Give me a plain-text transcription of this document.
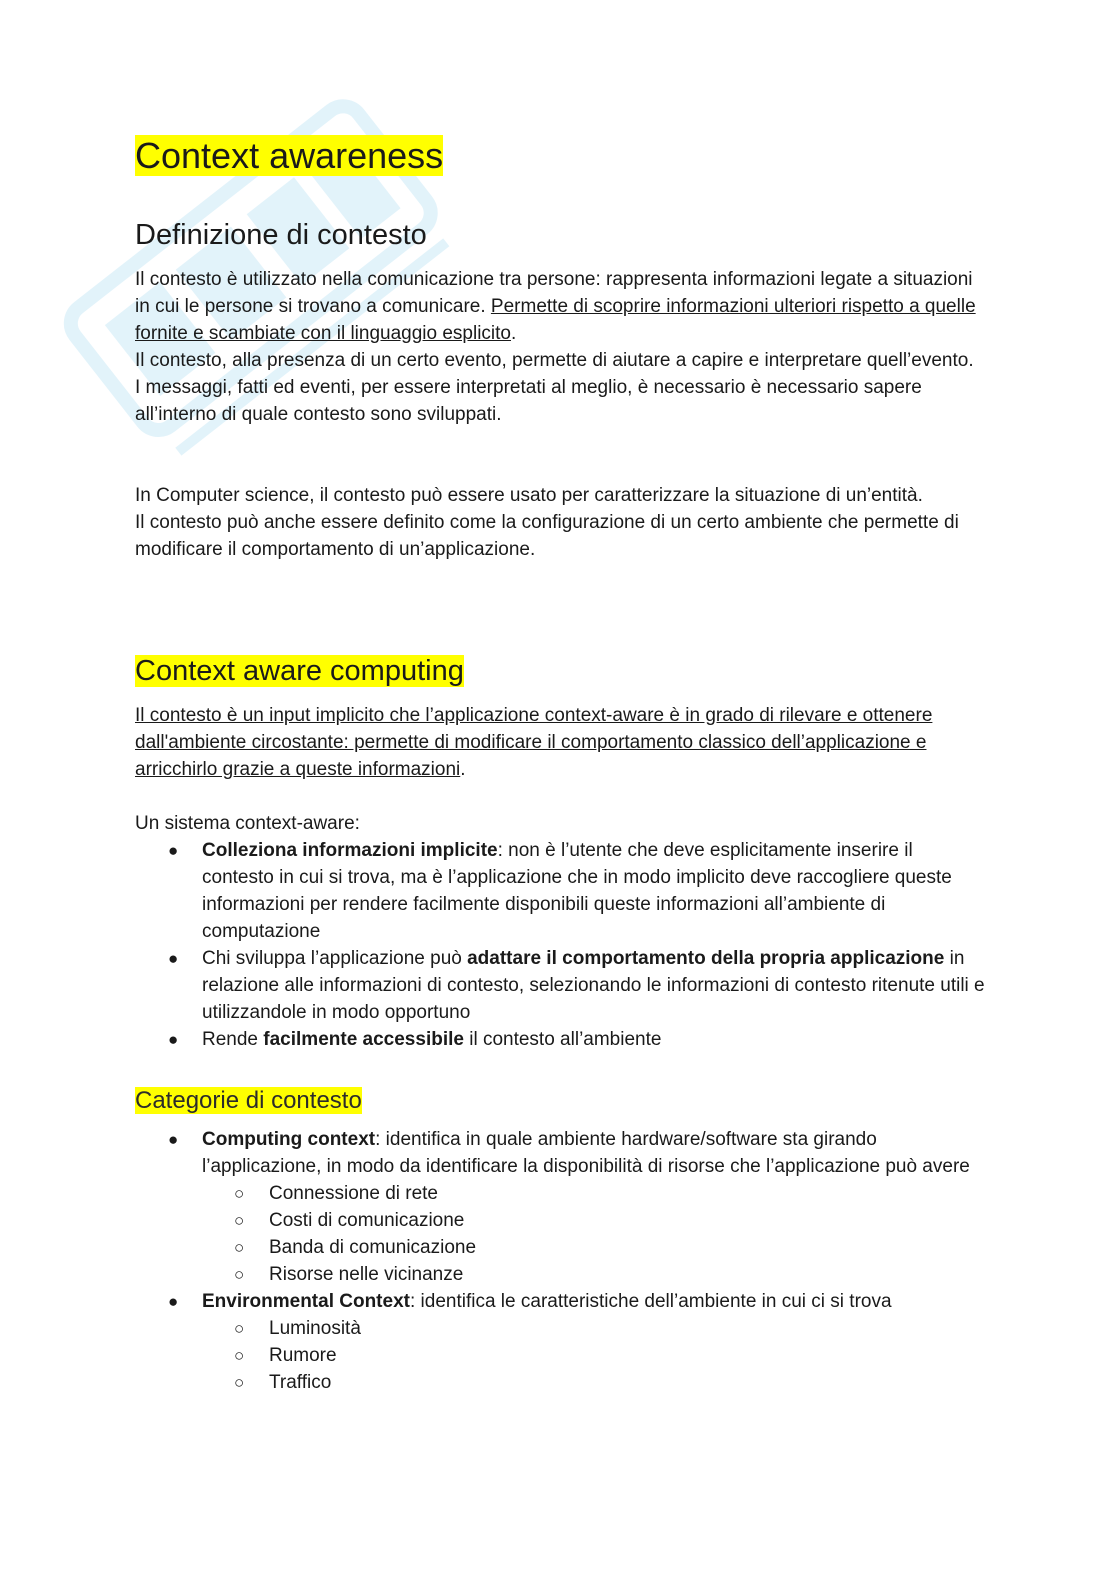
Context awareness
Definizione di contesto

Il contesto è utilizzato nella comunicazione tra persone: rappresenta informazioni legate a situazioni in cui le persone si trovano a comunicare. Permette di scoprire informazioni ulteriori rispetto a quelle fornite e scambiate con il linguaggio esplicito.
Il contesto, alla presenza di un certo evento, permette di aiutare a capire e interpretare quell’evento.
I messaggi, fatti ed eventi, per essere interpretati al meglio, è necessario è necessario sapere all’interno di quale contesto sono sviluppati.

In Computer science, il contesto può essere usato per caratterizzare la situazione di un’entità.
Il contesto può anche essere definito come la configurazione di un certo ambiente che permette di modificare il comportamento di un’applicazione.

Context aware computing

Il contesto è un input implicito che l’applicazione context-aware è in grado di rilevare e ottenere dall'ambiente circostante: permette di modificare il comportamento classico dell’applicazione e arricchirlo grazie a queste informazioni.

Un sistema context-aware:

● Colleziona informazioni implicite: non è l’utente che deve esplicitamente inserire il contesto in cui si trova, ma è l’applicazione che in modo implicito deve raccogliere queste informazioni per rendere facilmente disponibili queste informazioni all’ambiente di computazione
● Chi sviluppa l’applicazione può adattare il comportamento della propria applicazione in relazione alle informazioni di contesto, selezionando le informazioni di contesto ritenute utili e utilizzandole in modo opportuno
● Rende facilmente accessibile il contesto all’ambiente
Categorie di contesto
● Computing context: identifica in quale ambiente hardware/software sta girando l’applicazione, in modo da identificare la disponibilità di risorse che l’applicazione può avere
○ Connessione di rete
○ Costi di comunicazione
○ Banda di comunicazione
○ Risorse nelle vicinanze
● Environmental Context: identifica le caratteristiche dell’ambiente in cui ci si trova
○ Luminosità
○ Rumore
○ Traffico
